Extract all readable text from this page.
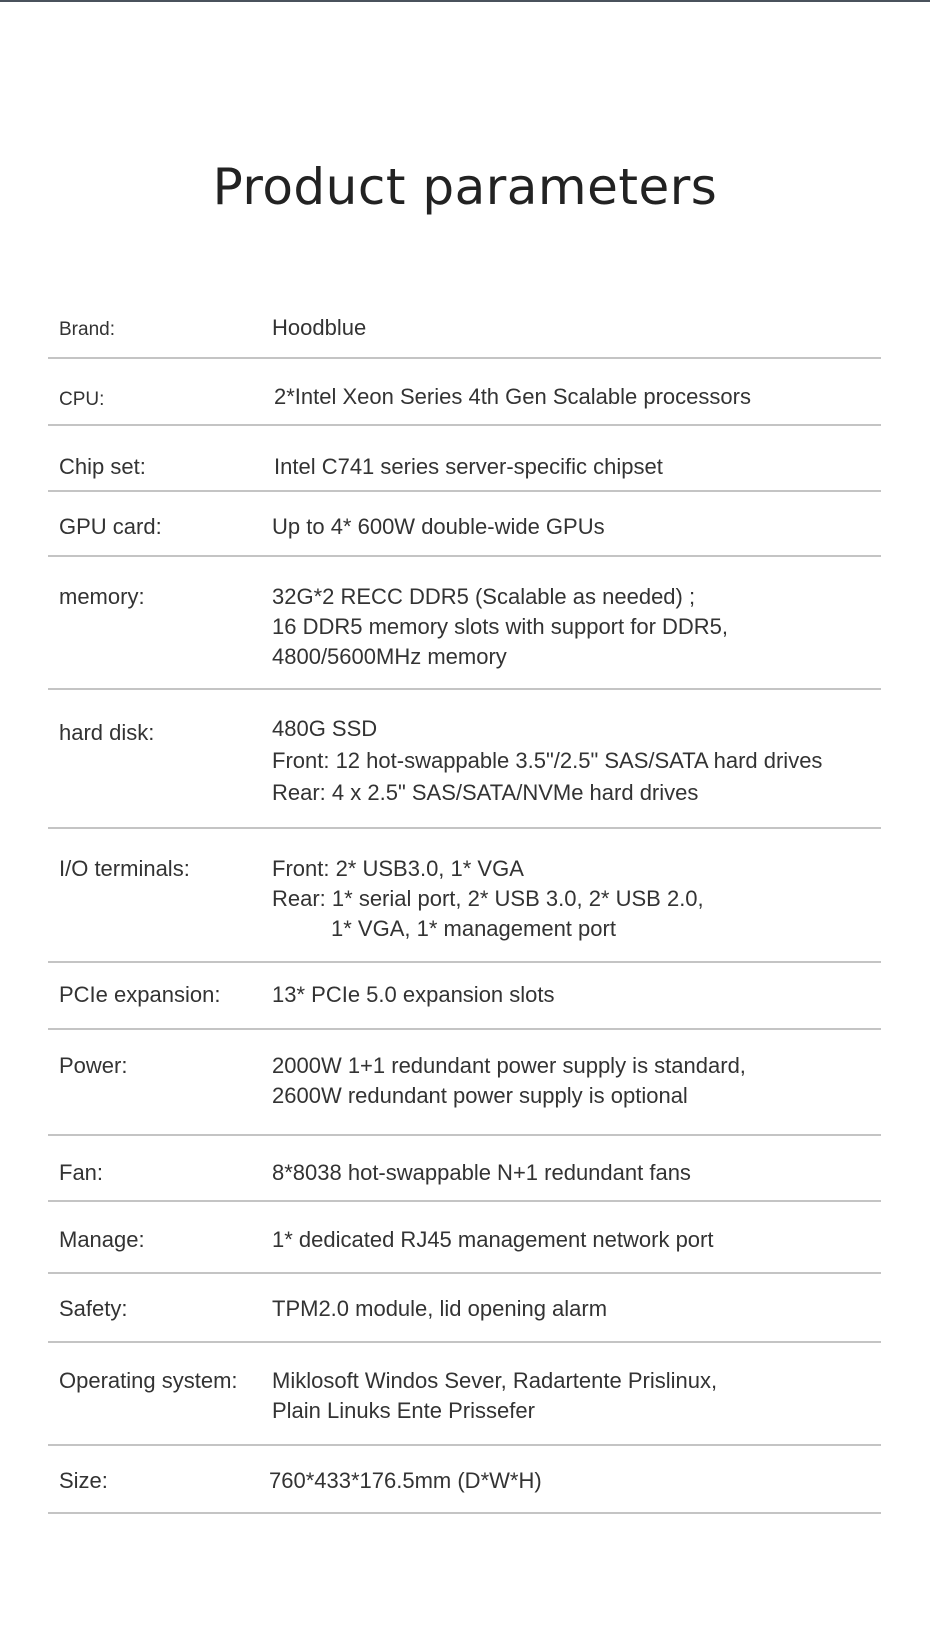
Product parameters
Brand:	Hoodblue
CPU:	2*Intel Xeon Series 4th Gen Scalable processors
Chip set:	Intel C741 series server-specific chipset
GPU card:	Up to 4* 600W double-wide GPUs
memory:	32G*2 RECC DDR5 (Scalable as needed) ;
16 DDR5 memory slots with support for DDR5,
4800/5600MHz memory
hard disk:	480G SSD
Front: 12 hot-swappable 3.5"/2.5" SAS/SATA hard drives
Rear: 4 x 2.5" SAS/SATA/NVMe hard drives
I/O terminals:	Front: 2* USB3.0, 1* VGA
Rear: 1* serial port, 2* USB 3.0, 2* USB 2.0,
1* VGA, 1* management port
PCIe expansion: 13* PCIe 5.0 expansion slots
Power:	2000W 1+1 redundant power supply is standard,
2600W redundant power supply is optional
Fan:	8*8038 hot-swappable N+1 redundant fans
Manage:	1* dedicated RJ45 management network port
Safety:	TPM2.0 module, lid opening alarm
Operating system: Miklosoft Windos Sever, Radartente Prislinux,
Plain Linuks Ente Prissefer
Size:	760*433*176.5mm (D*W*H)
